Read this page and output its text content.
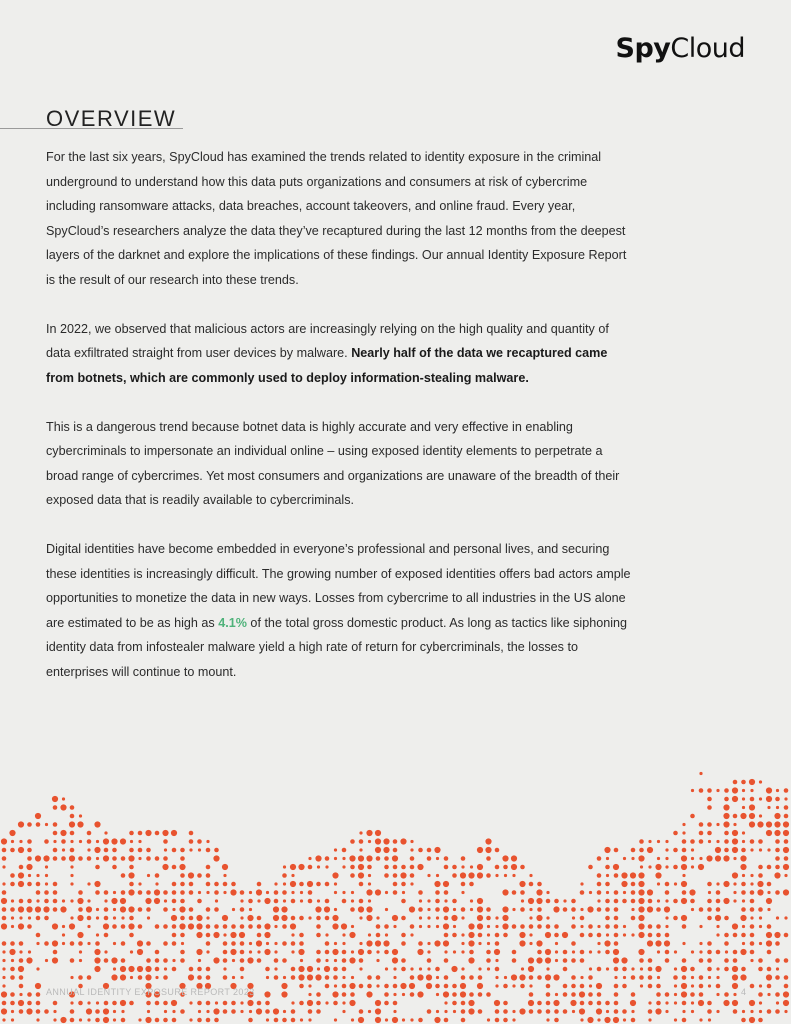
SpyCloud
OVERVIEW

For the last six years, SpyCloud has examined the trends related to identity exposure in the criminal underground to understand how this data puts organizations and consumers at risk of cybercrime including ransomware attacks, data breaches, account takeovers, and online fraud. Every year, SpyCloud’s researchers analyze the data they’ve recaptured during the last 12 months from the deepest layers of the darknet and explore the implications of these findings. Our annual Identity Exposure Report is the result of our research into these trends.

In 2022, we observed that malicious actors are increasingly relying on the high quality and quantity of data exfiltrated straight from user devices by malware. Nearly half of the data we recaptured came from botnets, which are commonly used to deploy information-stealing malware.

This is a dangerous trend because botnet data is highly accurate and very effective in enabling cybercriminals to impersonate an individual online – using exposed identity elements to perpetrate a broad range of cybercrimes. Yet most consumers and organizations are unaware of the breadth of their exposed data that is readily available to cybercriminals.

Digital identities have become embedded in everyone’s professional and personal lives, and securing these identities is increasingly difficult. The growing number of exposed identities offers bad actors ample opportunities to monetize the data in new ways. Losses from cybercrime to all industries in the US alone are estimated to be as high as 4.1% of the total gross domestic product. As long as tactics like siphoning identity data from infostealer malware yield a high rate of return for cybercriminals, the losses to enterprises will continue to mount.

ANNUAL IDENTITY EXPOSURE REPORT 2023	4
